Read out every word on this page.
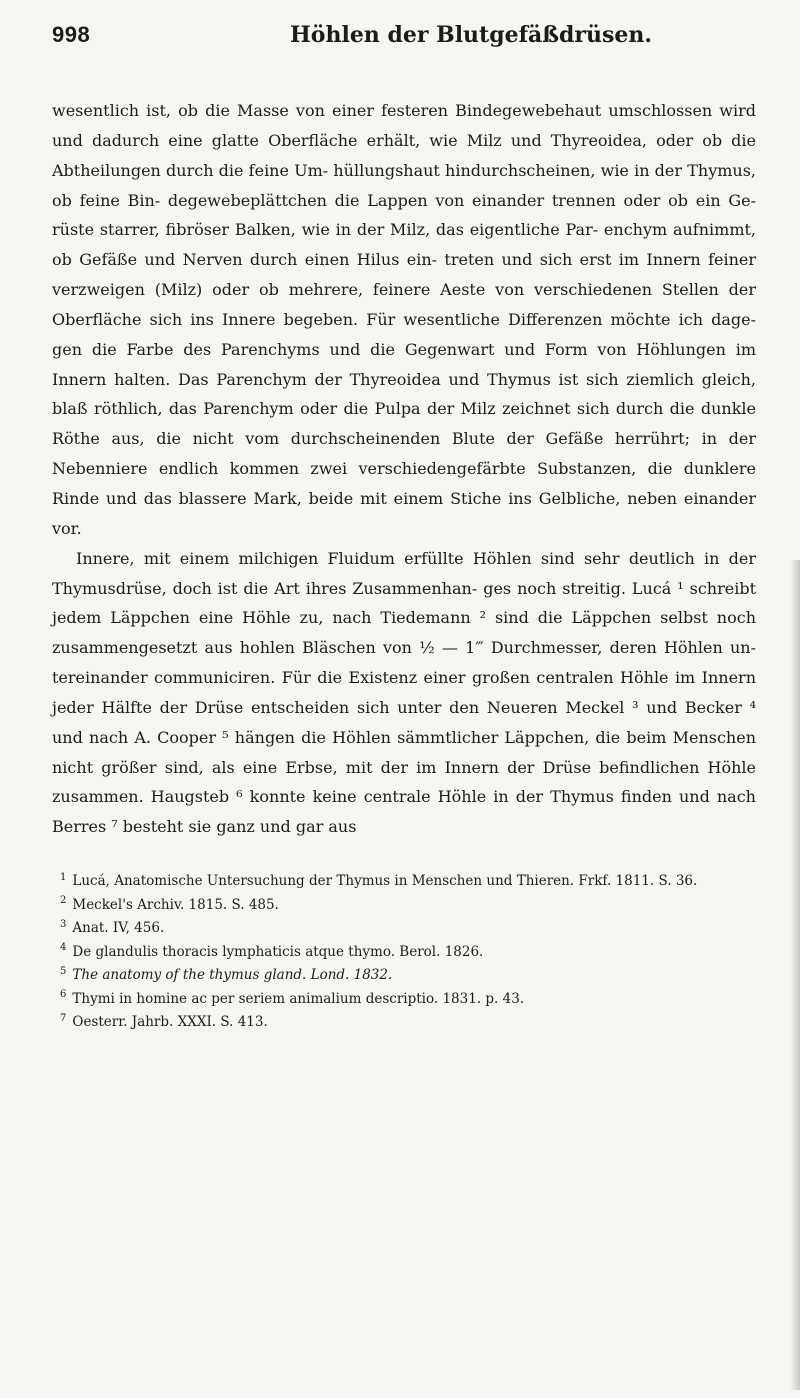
998	Höhlen der Blutgefäßdrüsen.

wesentlich ist, ob die Masse von einer festeren Bindegewebehaut umschlossen wird und dadurch eine glatte Oberfläche erhält, wie Milz und Thyreoidea, oder ob die Abtheilungen durch die feine Um- hüllungshaut hindurchscheinen, wie in der Thymus, ob feine Bin- degewebeplättchen die Lappen von einander trennen oder ob ein Ge- rüste starrer, fibröser Balken, wie in der Milz, das eigentliche Par- enchym aufnimmt, ob Gefäße und Nerven durch einen Hilus ein- treten und sich erst im Innern feiner verzweigen (Milz) oder ob mehrere, feinere Aeste von verschiedenen Stellen der Oberfläche sich ins Innere begeben. Für wesentliche Differenzen möchte ich dage- gen die Farbe des Parenchyms und die Gegenwart und Form von Höhlungen im Innern halten. Das Parenchym der Thyreoidea und Thymus ist sich ziemlich gleich, blaß röthlich, das Parenchym oder die Pulpa der Milz zeichnet sich durch die dunkle Röthe aus, die nicht vom durchscheinenden Blute der Gefäße herrührt; in der Nebenniere endlich kommen zwei verschiedengefärbte Substanzen, die dunklere Rinde und das blassere Mark, beide mit einem Stiche ins Gelbliche, neben einander vor.

Innere, mit einem milchigen Fluidum erfüllte Höhlen sind sehr deutlich in der Thymusdrüse, doch ist die Art ihres Zusammenhan- ges noch streitig. Lucá ¹ schreibt jedem Läppchen eine Höhle zu, nach Tiedemann ² sind die Läppchen selbst noch zusammengesetzt aus hohlen Bläschen von ½ — 1‴ Durchmesser, deren Höhlen un- tereinander communiciren. Für die Existenz einer großen centralen Höhle im Innern jeder Hälfte der Drüse entscheiden sich unter den Neueren Meckel ³ und Becker ⁴ und nach A. Cooper ⁵ hängen die Höhlen sämmtlicher Läppchen, die beim Menschen nicht größer sind, als eine Erbse, mit der im Innern der Drüse befindlichen Höhle zusammen. Haugsteb ⁶ konnte keine centrale Höhle in der Thymus finden und nach Berres ⁷ besteht sie ganz und gar aus

$^1$ Lucá, Anatomische Untersuchung der Thymus in Menschen und Thieren. Frkf. 1811. S. 36.

$^2$ Meckel's Archiv. 1815. S. 485.

$^3$ Anat. IV, 456.

$^4$ De glandulis thoracis lymphaticis atque thymo. Berol. 1826.

$^5$ The anatomy of the thymus gland. Lond. 1832.

$^6$ Thymi in homine ac per seriem animalium descriptio. 1831. p. 43.

$^7$ Oesterr. Jahrb. XXXI. S. 413.
